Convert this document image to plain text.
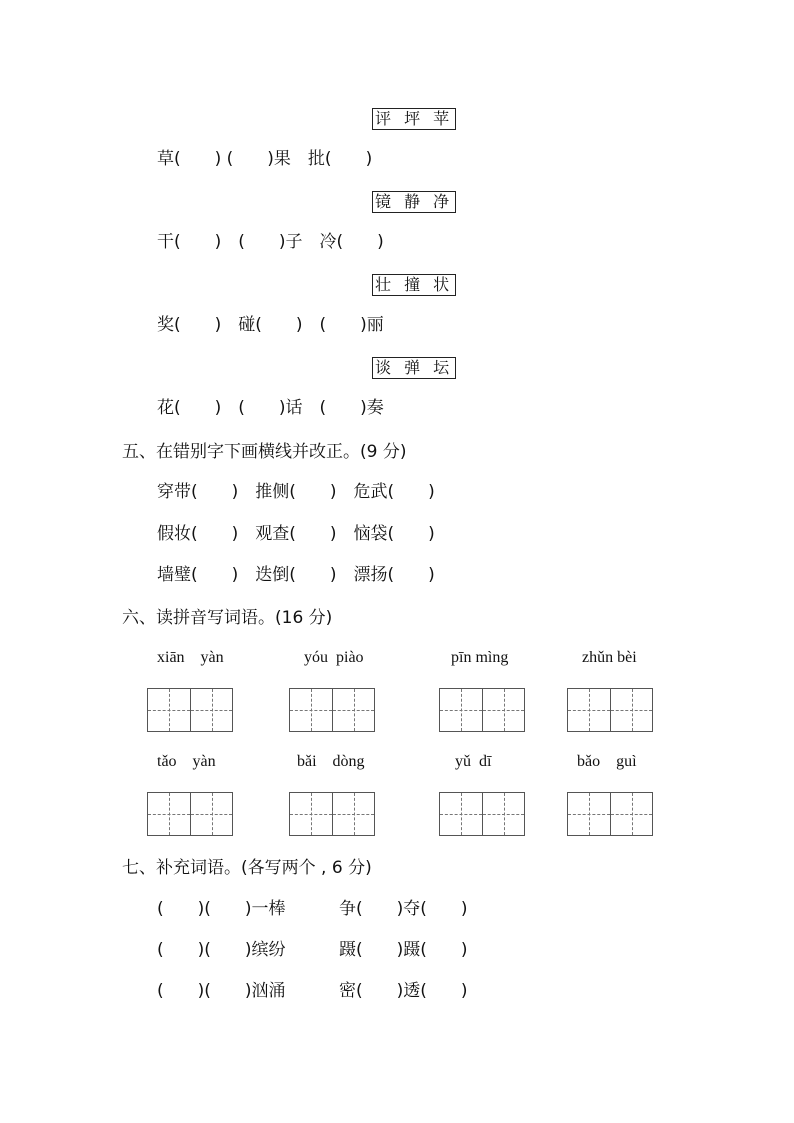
评 坪 苹
草(　　) (　　)果　批(　　)
镜 静 净
干(　　)　(　　)子　冷(　　)
壮 撞 状
奖(　　)　碰(　　)　(　　)丽
谈 弹 坛
花(　　)　(　　)话　(　　)奏
五、在错别字下画横线并改正。(9 分)
穿带(　　)　推侧(　　)　危武(　　)
假妆(　　)　观查(　　)　恼袋(　　)
墙璧(　　)　迭倒(　　)　漂扬(　　)
六、读拼音写词语。(16 分)
xiān　yàn	yóu  piào	pīn mìng	zhǔn bèi
tǎo　yàn	bǎi　dòng	yǔ  dī	bǎo　guì
七、补充词语。(各写两个 , 6 分)
(　　)(　　)一棒	争(　　)夺(　　)
(　　)(　　)缤纷	蹑(　　)蹑(　　)
(　　)(　　)汹涌	密(　　)透(　　)
